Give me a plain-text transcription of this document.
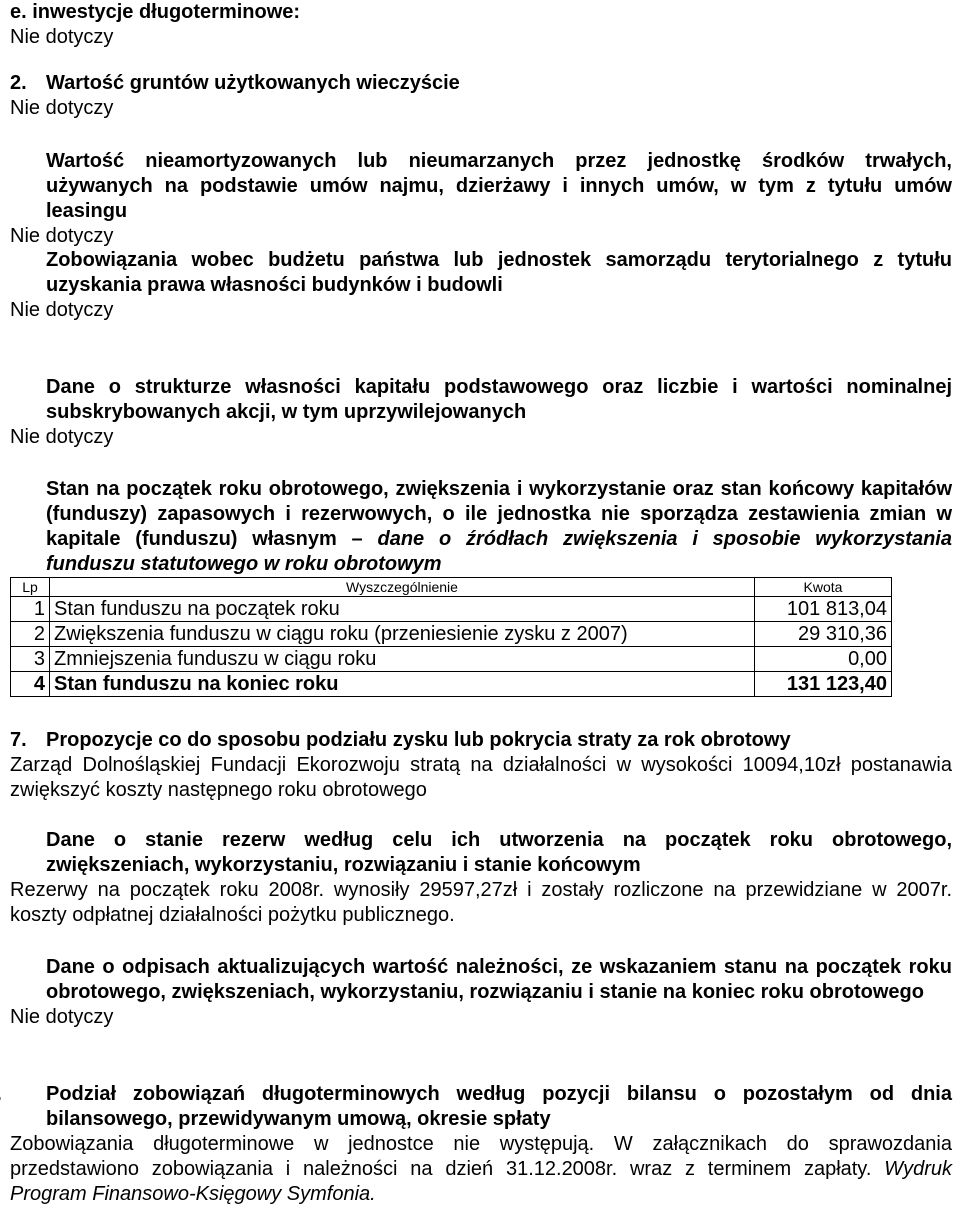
e. inwestycje długoterminowe:
Nie dotyczy
2. Wartość gruntów użytkowanych wieczyście
Nie dotyczy
Wartość nieamortyzowanych lub nieumarzanych przez jednostkę środków trwałych, używanych na podstawie umów najmu, dzierżawy i innych umów, w tym z tytułu umów leasingu
Nie dotyczy
Zobowiązania wobec budżetu państwa lub jednostek samorządu terytorialnego z tytułu uzyskania prawa własności budynków i budowli
Nie dotyczy
Dane o strukturze własności kapitału podstawowego oraz liczbie i wartości nominalnej subskrybowanych akcji, w tym uprzywilejowanych
Nie dotyczy
Stan na początek roku obrotowego, zwiększenia i wykorzystanie oraz stan końcowy kapitałów (funduszy) zapasowych i rezerwowych, o ile jednostka nie sporządza zestawienia zmian w kapitale (funduszu) własnym – dane o źródłach zwiększenia i sposobie wykorzystania funduszu statutowego w roku obrotowym
Lp	Wyszczególnienie	Kwota
1	Stan funduszu na początek roku	101 813,04
2	Zwiększenia funduszu w ciągu roku (przeniesienie zysku z 2007)	29 310,36
3	Zmniejszenia funduszu w ciągu roku	0,00
4	Stan funduszu na koniec roku	131 123,40
7. Propozycje co do sposobu podziału zysku lub pokrycia straty za rok obrotowy
Zarząd Dolnośląskiej Fundacji Ekorozwoju stratą na działalności w wysokości 10094,10zł postanawia zwiększyć koszty następnego roku obrotowego
Dane o stanie rezerw według celu ich utworzenia na początek roku obrotowego, zwiększeniach, wykorzystaniu, rozwiązaniu i stanie końcowym
Rezerwy na początek roku 2008r. wynosiły 29597,27zł i zostały rozliczone na przewidziane w 2007r. koszty odpłatnej działalności pożytku publicznego.
Dane o odpisach aktualizujących wartość należności, ze wskazaniem stanu na początek roku obrotowego, zwiększeniach, wykorzystaniu, rozwiązaniu i stanie na koniec roku obrotowego
Nie dotyczy
Podział zobowiązań długoterminowych według pozycji bilansu o pozostałym od dnia bilansowego, przewidywanym umową, okresie spłaty
Zobowiązania długoterminowe w jednostce nie występują. W załącznikach do sprawozdania przedstawiono zobowiązania i należności na dzień 31.12.2008r. wraz z terminem zapłaty. Wydruk Program Finansowo-Księgowy Symfonia.
